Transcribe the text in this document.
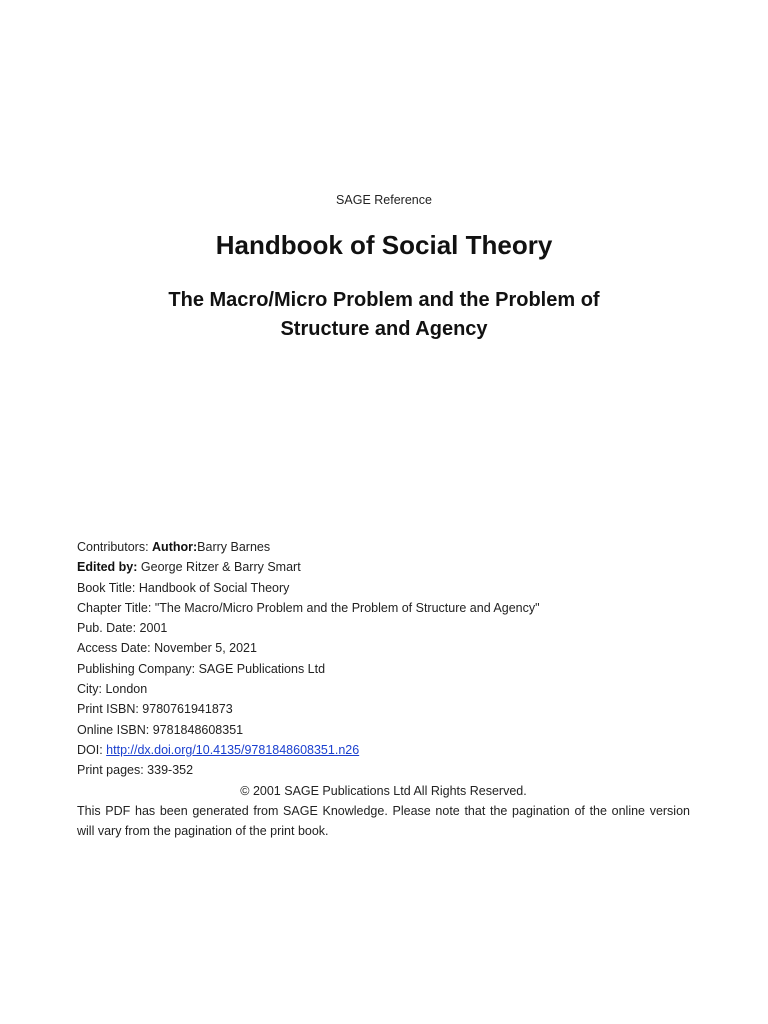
SAGE Reference
Handbook of Social Theory
The Macro/Micro Problem and the Problem of
Structure and Agency
Contributors: Author:Barry Barnes
Edited by: George Ritzer & Barry Smart
Book Title: Handbook of Social Theory
Chapter Title: "The Macro/Micro Problem and the Problem of Structure and Agency"
Pub. Date: 2001
Access Date: November 5, 2021
Publishing Company: SAGE Publications Ltd
City: London
Print ISBN: 9780761941873
Online ISBN: 9781848608351
DOI: http://dx.doi.org/10.4135/9781848608351.n26
Print pages: 339-352
© 2001 SAGE Publications Ltd All Rights Reserved.
This PDF has been generated from SAGE Knowledge. Please note that the pagination of the online version will vary from the pagination of the print book.
